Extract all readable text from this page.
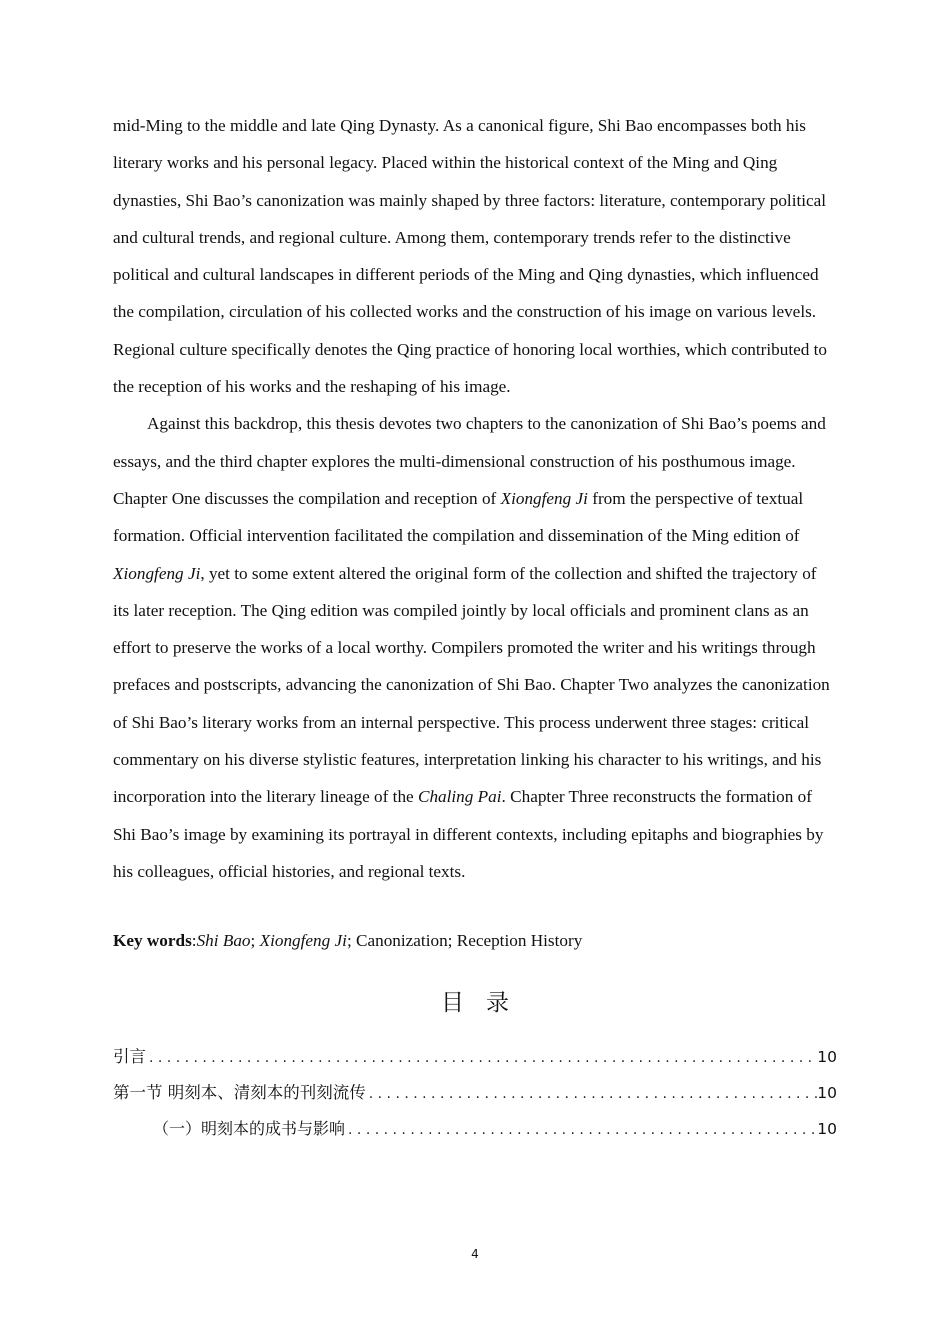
mid-Ming to the middle and late Qing Dynasty. As a canonical figure, Shi Bao encompasses both his literary works and his personal legacy. Placed within the historical context of the Ming and Qing dynasties, Shi Bao’s canonization was mainly shaped by three factors: literature, contemporary political and cultural trends, and regional culture. Among them, contemporary trends refer to the distinctive political and cultural landscapes in different periods of the Ming and Qing dynasties, which influenced the compilation, circulation of his collected works and the construction of his image on various levels. Regional culture specifically denotes the Qing practice of honoring local worthies, which contributed to the reception of his works and the reshaping of his image.

Against this backdrop, this thesis devotes two chapters to the canonization of Shi Bao’s poems and essays, and the third chapter explores the multi-dimensional construction of his posthumous image. Chapter One discusses the compilation and reception of Xiongfeng Ji from the perspective of textual formation. Official intervention facilitated the compilation and dissemination of the Ming edition of Xiongfeng Ji, yet to some extent altered the original form of the collection and shifted the trajectory of its later reception. The Qing edition was compiled jointly by local officials and prominent clans as an effort to preserve the works of a local worthy. Compilers promoted the writer and his writings through prefaces and postscripts, advancing the canonization of Shi Bao. Chapter Two analyzes the canonization of Shi Bao’s literary works from an internal perspective. This process underwent three stages: critical commentary on his diverse stylistic features, interpretation linking his character to his writings, and his incorporation into the literary lineage of the Chaling Pai. Chapter Three reconstructs the formation of Shi Bao’s image by examining its portrayal in different contexts, including epitaphs and biographies by his colleagues, official histories, and regional texts.

Key words:Shi Bao; Xiongfeng Ji; Canonization; Reception History
目录
引言 . . .	10
第一节 明刻本、清刻本的刊刻流传 . . .	10
（一）明刻本的成书与影响 . . .	10
4
